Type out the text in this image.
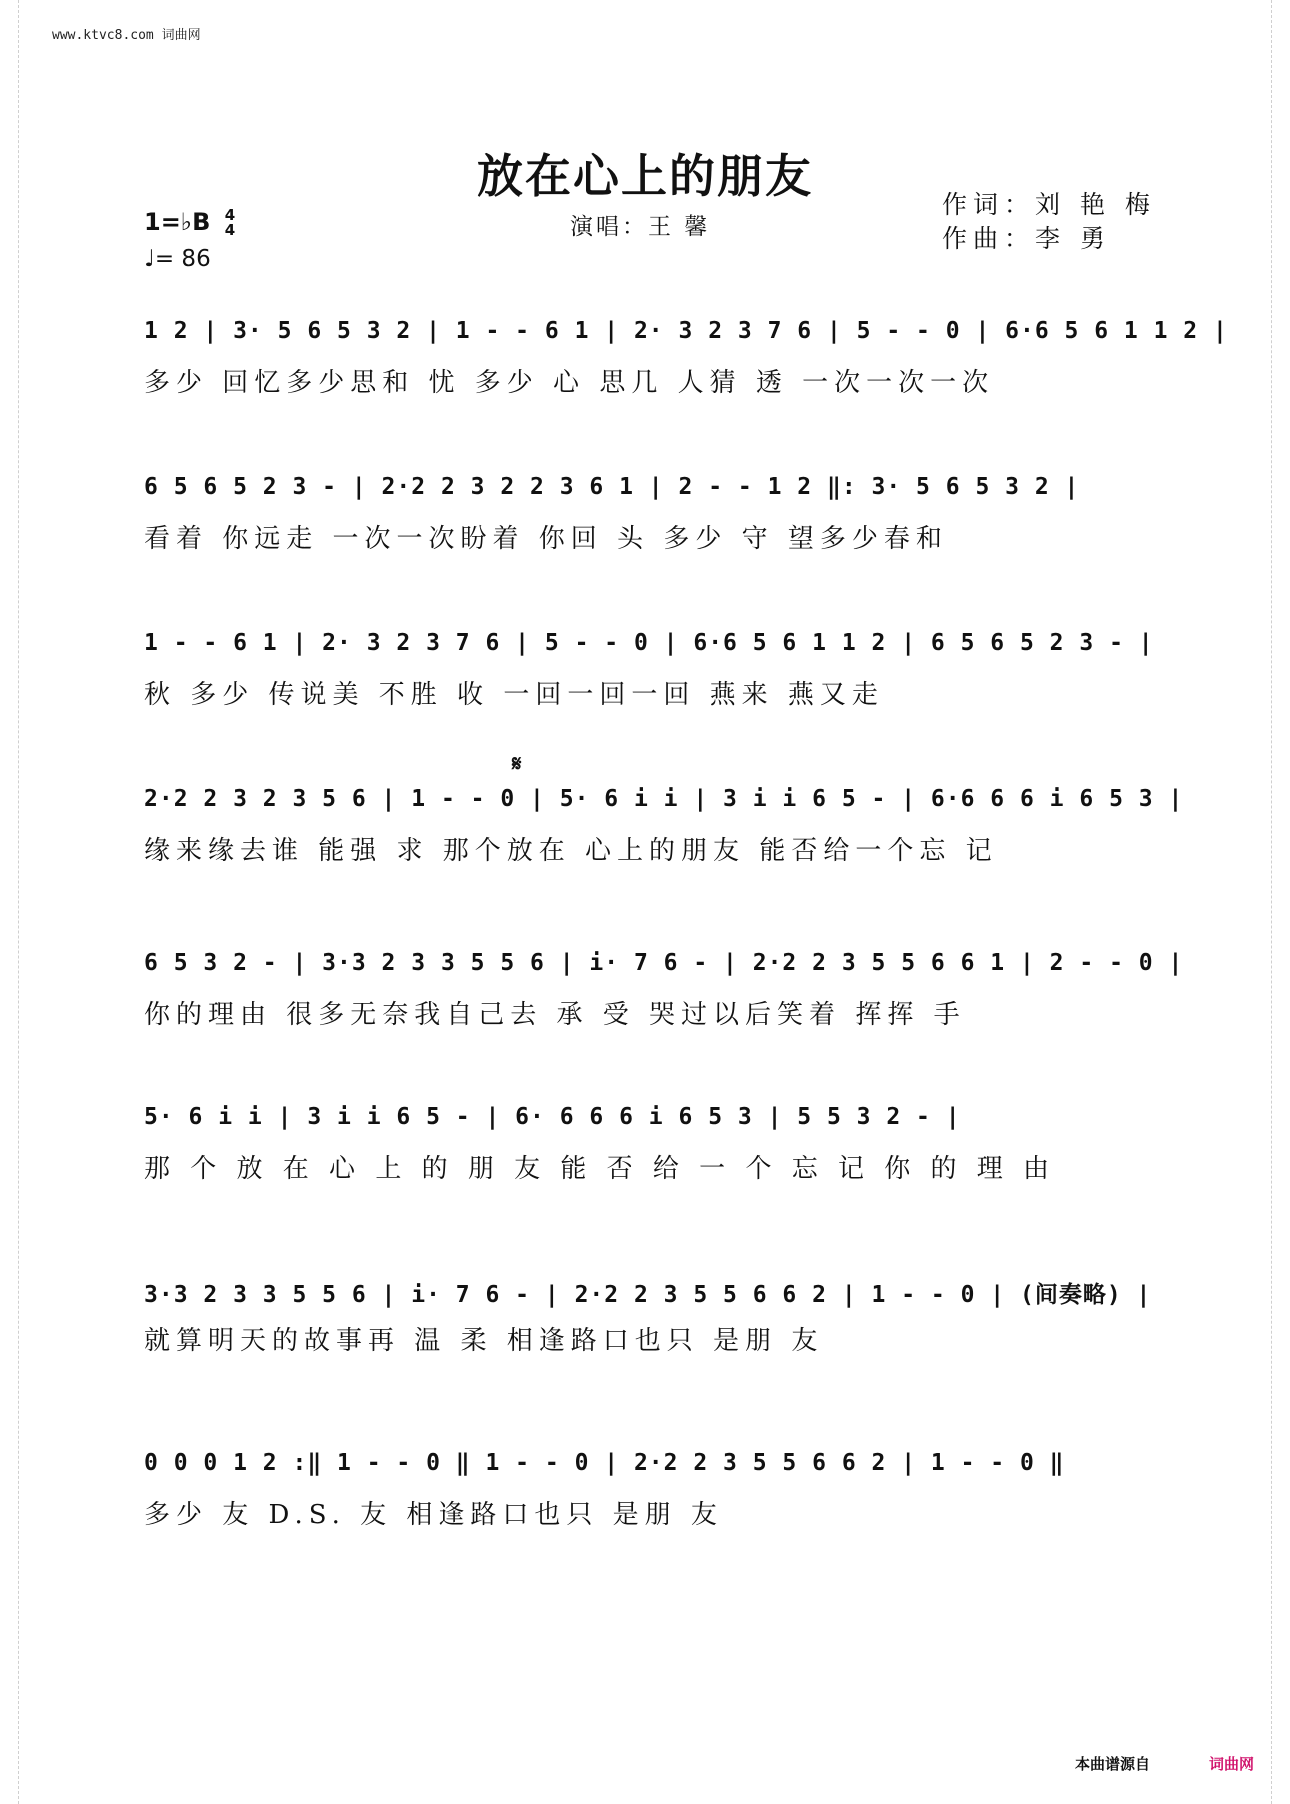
www.ktvc8.com 词曲网
放在心上的朋友
演唱：王 馨
作词：刘 艳 梅
作曲：李 勇
1=♭B 4
4
♩= 86
𝄋
1 2 | 3· 5 6 5 3 2 | 1 - - 6 1 | 2· 3 2 3 7 6 | 5 - - 0 | 6·6 5 6 1 1 2 |
多少 回忆多少思和 忧 多少 心 思几 人猜 透 一次一次一次
6 5 6 5 2 3 - | 2·2 2 3 2 2 3 6 1 | 2 - - 1 2 ‖: 3· 5 6 5 3 2 |
看着 你远走 一次一次盼着 你回 头 多少 守 望多少春和
1 - - 6 1 | 2· 3 2 3 7 6 | 5 - - 0 | 6·6 5 6 1 1 2 | 6 5 6 5 2 3 - |
秋 多少 传说美 不胜 收 一回一回一回 燕来 燕又走
2·2 2 3 2 3 5 6 | 1 - - 0 | 5· 6 i i | 3 i i 6 5 - | 6·6 6 6 i 6 5 3 |
缘来缘去谁 能强 求 那个放在 心上的朋友 能否给一个忘 记
6 5 3 2 - | 3·3 2 3 3 5 5 6 | i· 7 6 - | 2·2 2 3 5 5 6 6 1 | 2 - - 0 |
你的理由 很多无奈我自己去 承 受 哭过以后笑着 挥挥 手
5· 6 i i | 3 i i 6 5 - | 6· 6 6 6 i 6 5 3 | 5 5 3 2 - |
那 个 放 在 心 上 的 朋 友 能 否 给 一 个 忘 记 你 的 理 由
3·3 2 3 3 5 5 6 | i· 7 6 - | 2·2 2 3 5 5 6 6 2 | 1 - - 0 | (间奏略) |
就算明天的故事再 温 柔 相逢路口也只 是朋 友
0 0 0 1 2 :‖ 1 - - 0 ‖ 1 - - 0 | 2·2 2 3 5 5 6 6 2 | 1 - - 0 ‖
多少 友 D.S. 友 相逢路口也只 是朋 友
本曲谱源自	词曲网
